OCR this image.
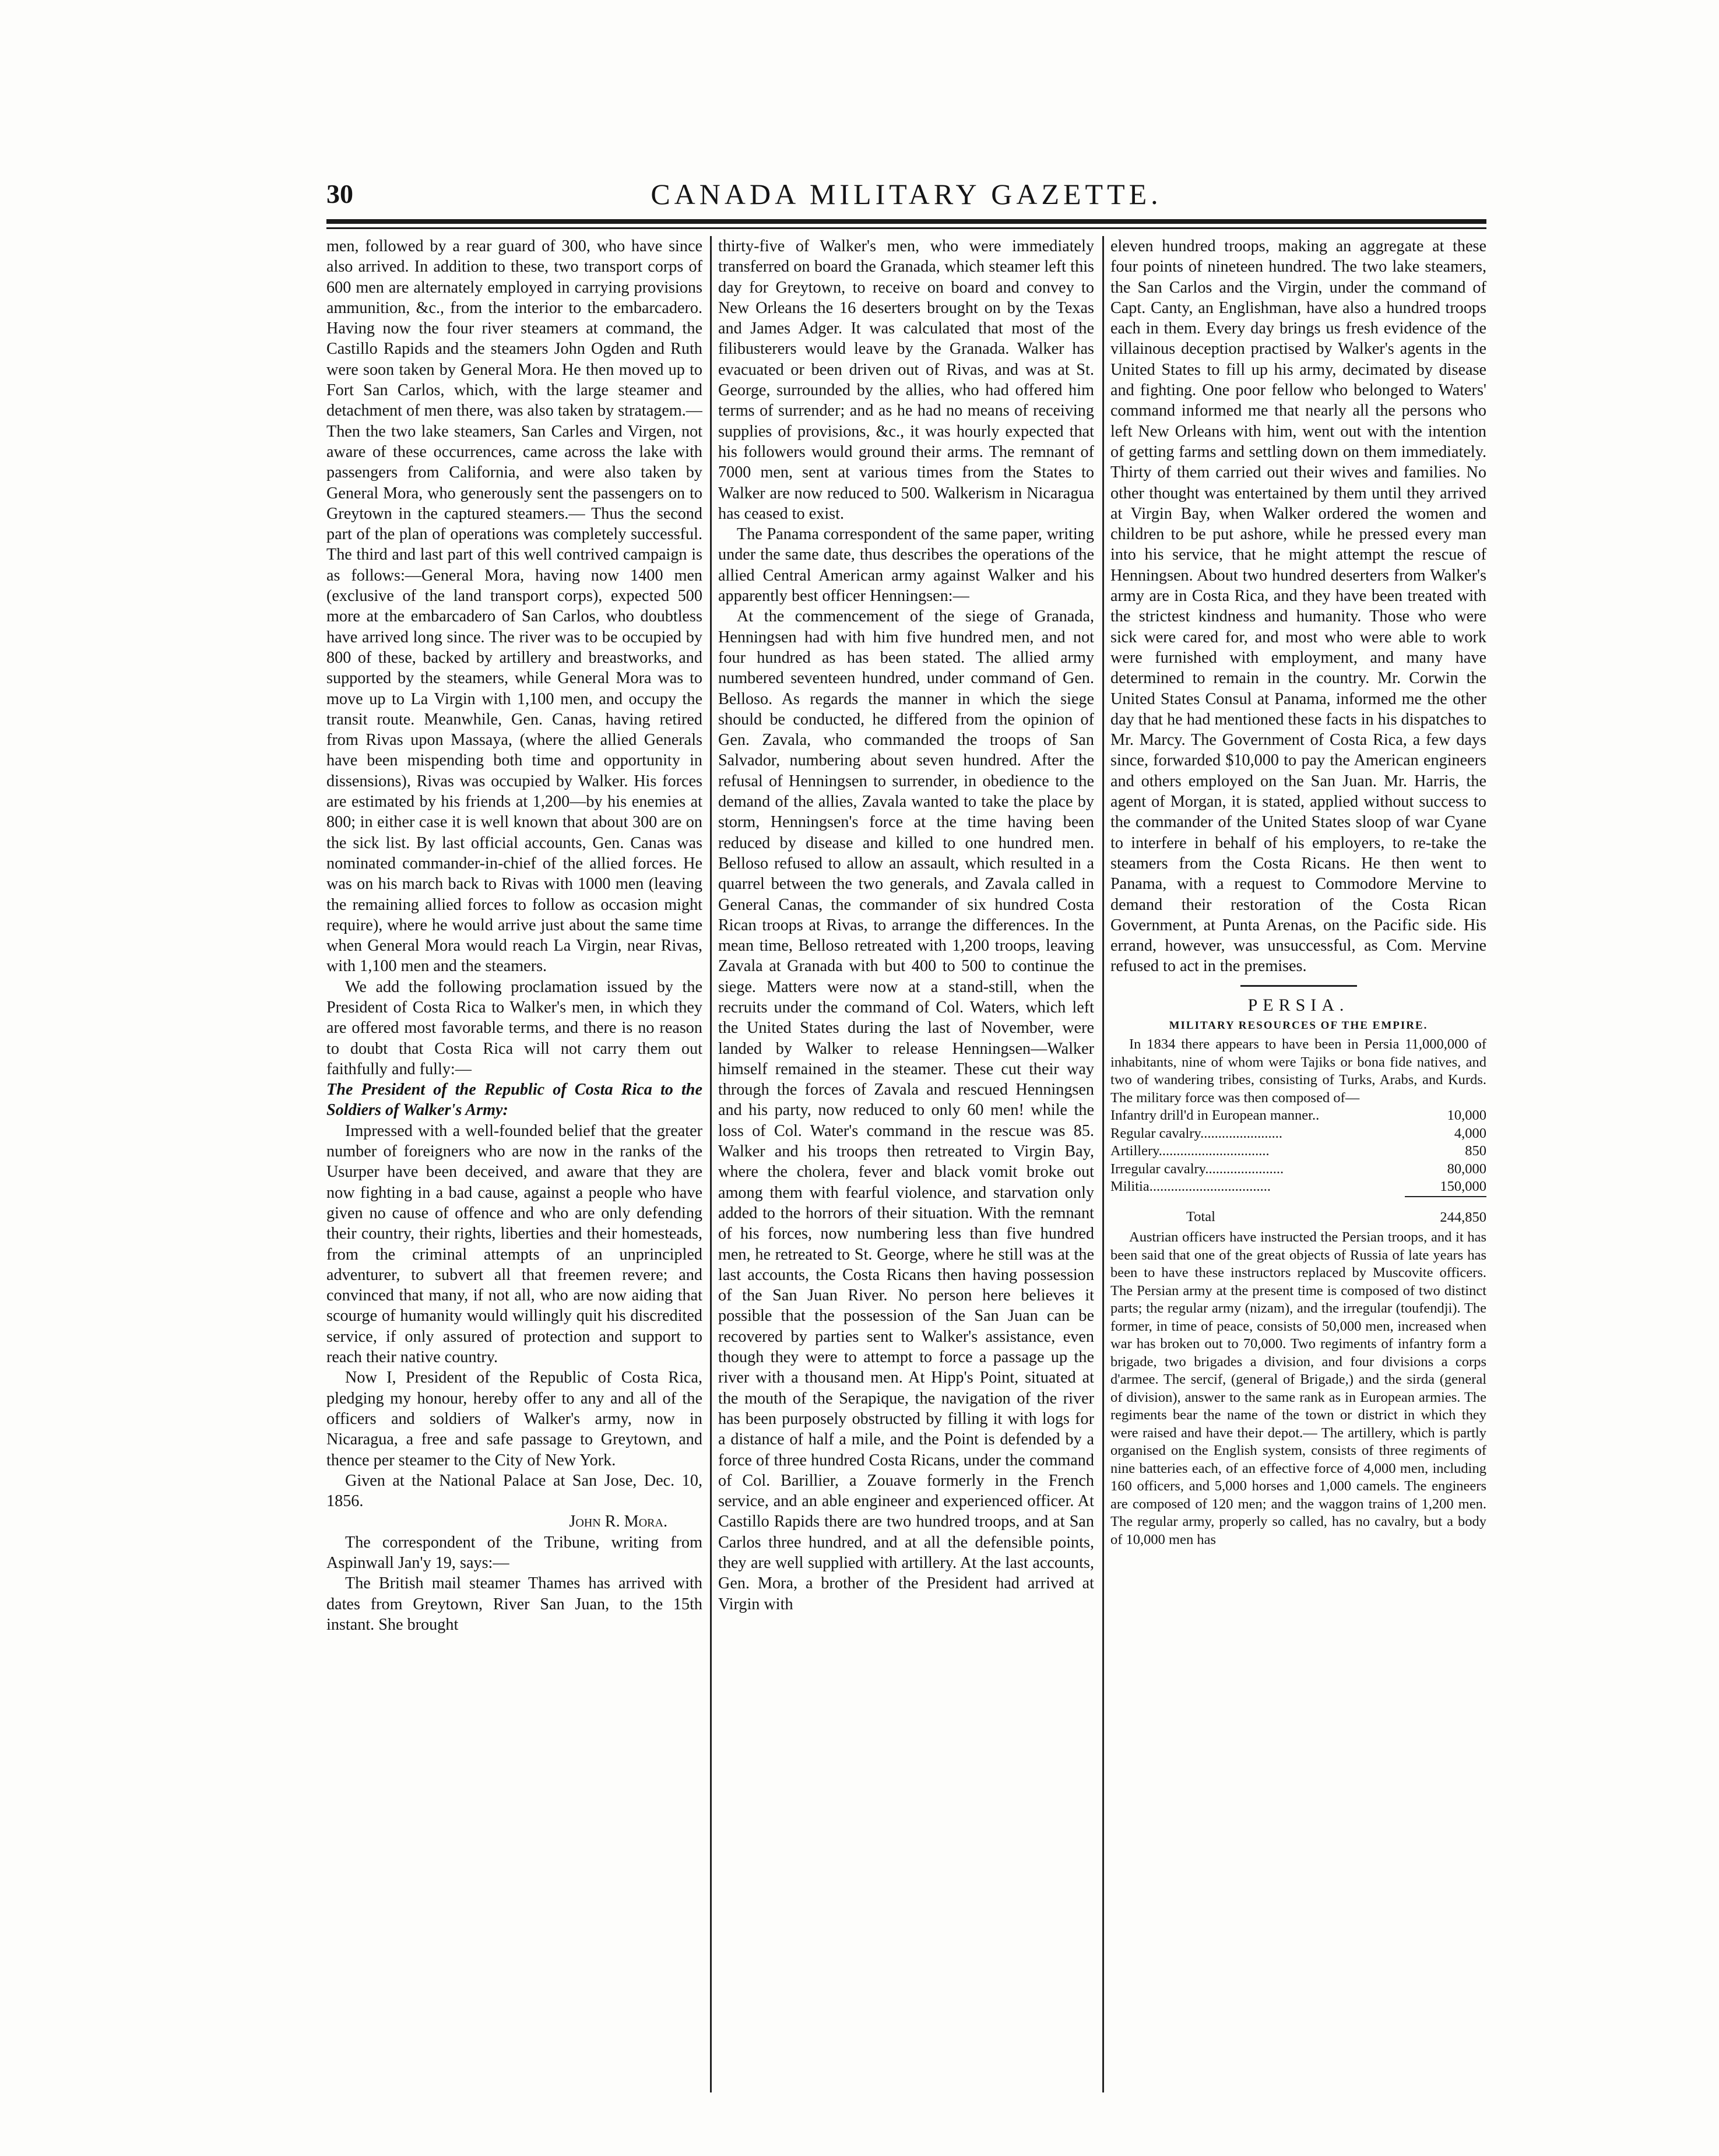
30	CANADA MILITARY GAZETTE.

men, followed by a rear guard of 300, who have since also arrived. In addition to these, two transport corps of 600 men are alternately employed in carrying provisions ammunition, &c., from the interior to the embarcadero. Having now the four river steamers at command, the Castillo Rapids and the steamers John Ogden and Ruth were soon taken by General Mora. He then moved up to Fort San Carlos, which, with the large steamer and detachment of men there, was also taken by stratagem.— Then the two lake steamers, San Carles and Virgen, not aware of these occurrences, came across the lake with passengers from California, and were also taken by General Mora, who generously sent the passengers on to Greytown in the captured steamers.— Thus the second part of the plan of operations was completely successful. The third and last part of this well contrived campaign is as follows:—General Mora, having now 1400 men (exclusive of the land transport corps), expected 500 more at the embarcadero of San Carlos, who doubtless have arrived long since. The river was to be occupied by 800 of these, backed by artillery and breastworks, and supported by the steamers, while General Mora was to move up to La Virgin with 1,100 men, and occupy the transit route. Meanwhile, Gen. Canas, having retired from Rivas upon Massaya, (where the allied Generals have been mispending both time and opportunity in dissensions), Rivas was occupied by Walker. His forces are estimated by his friends at 1,200—by his enemies at 800; in either case it is well known that about 300 are on the sick list. By last official accounts, Gen. Canas was nominated commander-in-chief of the allied forces. He was on his march back to Rivas with 1000 men (leaving the remaining allied forces to follow as occasion might require), where he would arrive just about the same time when General Mora would reach La Virgin, near Rivas, with 1,100 men and the steamers.

We add the following proclamation issued by the President of Costa Rica to Walker's men, in which they are offered most favorable terms, and there is no reason to doubt that Costa Rica will not carry them out faithfully and fully:—

The President of the Republic of Costa Rica to the Soldiers of Walker's Army:

Impressed with a well-founded belief that the greater number of foreigners who are now in the ranks of the Usurper have been deceived, and aware that they are now fighting in a bad cause, against a people who have given no cause of offence and who are only defending their country, their rights, liberties and their homesteads, from the criminal attempts of an unprincipled adventurer, to subvert all that freemen revere; and convinced that many, if not all, who are now aiding that scourge of humanity would willingly quit his discredited service, if only assured of protection and support to reach their native country.

Now I, President of the Republic of Costa Rica, pledging my honour, hereby offer to any and all of the officers and soldiers of Walker's army, now in Nicaragua, a free and safe passage to Greytown, and thence per steamer to the City of New York.

Given at the National Palace at San Jose, Dec. 10, 1856.

John R. Mora.

The correspondent of the Tribune, writing from Aspinwall Jan'y 19, says:—

The British mail steamer Thames has arrived with dates from Greytown, River San Juan, to the 15th instant. She brought

thirty-five of Walker's men, who were immediately transferred on board the Granada, which steamer left this day for Greytown, to receive on board and convey to New Orleans the 16 deserters brought on by the Texas and James Adger. It was calculated that most of the filibusterers would leave by the Granada. Walker has evacuated or been driven out of Rivas, and was at St. George, surrounded by the allies, who had offered him terms of surrender; and as he had no means of receiving supplies of provisions, &c., it was hourly expected that his followers would ground their arms. The remnant of 7000 men, sent at various times from the States to Walker are now reduced to 500. Walkerism in Nicaragua has ceased to exist.

The Panama correspondent of the same paper, writing under the same date, thus describes the operations of the allied Central American army against Walker and his apparently best officer Henningsen:—

At the commencement of the siege of Granada, Henningsen had with him five hundred men, and not four hundred as has been stated. The allied army numbered seventeen hundred, under command of Gen. Belloso. As regards the manner in which the siege should be conducted, he differed from the opinion of Gen. Zavala, who commanded the troops of San Salvador, numbering about seven hundred. After the refusal of Henningsen to surrender, in obedience to the demand of the allies, Zavala wanted to take the place by storm, Henningsen's force at the time having been reduced by disease and killed to one hundred men. Belloso refused to allow an assault, which resulted in a quarrel between the two generals, and Zavala called in General Canas, the commander of six hundred Costa Rican troops at Rivas, to arrange the differences. In the mean time, Belloso retreated with 1,200 troops, leaving Zavala at Granada with but 400 to 500 to continue the siege. Matters were now at a stand-still, when the recruits under the command of Col. Waters, which left the United States during the last of November, were landed by Walker to release Henningsen—Walker himself remained in the steamer. These cut their way through the forces of Zavala and rescued Henningsen and his party, now reduced to only 60 men! while the loss of Col. Water's command in the rescue was 85. Walker and his troops then retreated to Virgin Bay, where the cholera, fever and black vomit broke out among them with fearful violence, and starvation only added to the horrors of their situation. With the remnant of his forces, now numbering less than five hundred men, he retreated to St. George, where he still was at the last accounts, the Costa Ricans then having possession of the San Juan River. No person here believes it possible that the possession of the San Juan can be recovered by parties sent to Walker's assistance, even though they were to attempt to force a passage up the river with a thousand men. At Hipp's Point, situated at the mouth of the Serapique, the navigation of the river has been purposely obstructed by filling it with logs for a distance of half a mile, and the Point is defended by a force of three hundred Costa Ricans, under the command of Col. Barillier, a Zouave formerly in the French service, and an able engineer and experienced officer. At Castillo Rapids there are two hundred troops, and at San Carlos three hundred, and at all the defensible points, they are well supplied with artillery. At the last accounts, Gen. Mora, a brother of the President had arrived at Virgin with

eleven hundred troops, making an aggregate at these four points of nineteen hundred. The two lake steamers, the San Carlos and the Virgin, under the command of Capt. Canty, an Englishman, have also a hundred troops each in them. Every day brings us fresh evidence of the villainous deception practised by Walker's agents in the United States to fill up his army, decimated by disease and fighting. One poor fellow who belonged to Waters' command informed me that nearly all the persons who left New Orleans with him, went out with the intention of getting farms and settling down on them immediately. Thirty of them carried out their wives and families. No other thought was entertained by them until they arrived at Virgin Bay, when Walker ordered the women and children to be put ashore, while he pressed every man into his service, that he might attempt the rescue of Henningsen. About two hundred deserters from Walker's army are in Costa Rica, and they have been treated with the strictest kindness and humanity. Those who were sick were cared for, and most who were able to work were furnished with employment, and many have determined to remain in the country. Mr. Corwin the United States Consul at Panama, informed me the other day that he had mentioned these facts in his dispatches to Mr. Marcy. The Government of Costa Rica, a few days since, forwarded $10,000 to pay the American engineers and others employed on the San Juan. Mr. Harris, the agent of Morgan, it is stated, applied without success to the commander of the United States sloop of war Cyane to interfere in behalf of his employers, to re-take the steamers from the Costa Ricans. He then went to Panama, with a request to Commodore Mervine to demand their restoration of the Costa Rican Government, at Punta Arenas, on the Pacific side. His errand, however, was unsuccessful, as Com. Mervine refused to act in the premises.

PERSIA.

MILITARY RESOURCES OF THE EMPIRE.

In 1834 there appears to have been in Persia 11,000,000 of inhabitants, nine of whom were Tajiks or bona fide natives, and two of wandering tribes, consisting of Turks, Arabs, and Kurds. The military force was then composed of—

Infantry drill'd in European manner..	10,000
Regular cavalry.......................	4,000
Artillery...............................	850
Irregular cavalry......................	80,000
Militia..................................	150,000
Total	244,850

Austrian officers have instructed the Persian troops, and it has been said that one of the great objects of Russia of late years has been to have these instructors replaced by Muscovite officers. The Persian army at the present time is composed of two distinct parts; the regular army (nizam), and the irregular (toufendji). The former, in time of peace, consists of 50,000 men, increased when war has broken out to 70,000. Two regiments of infantry form a brigade, two brigades a division, and four divisions a corps d'armee. The sercif, (general of Brigade,) and the sirda (general of division), answer to the same rank as in European armies. The regiments bear the name of the town or district in which they were raised and have their depot.— The artillery, which is partly organised on the English system, consists of three regiments of nine batteries each, of an effective force of 4,000 men, including 160 officers, and 5,000 horses and 1,000 camels. The engineers are composed of 120 men; and the waggon trains of 1,200 men. The regular army, properly so called, has no cavalry, but a body of 10,000 men has
